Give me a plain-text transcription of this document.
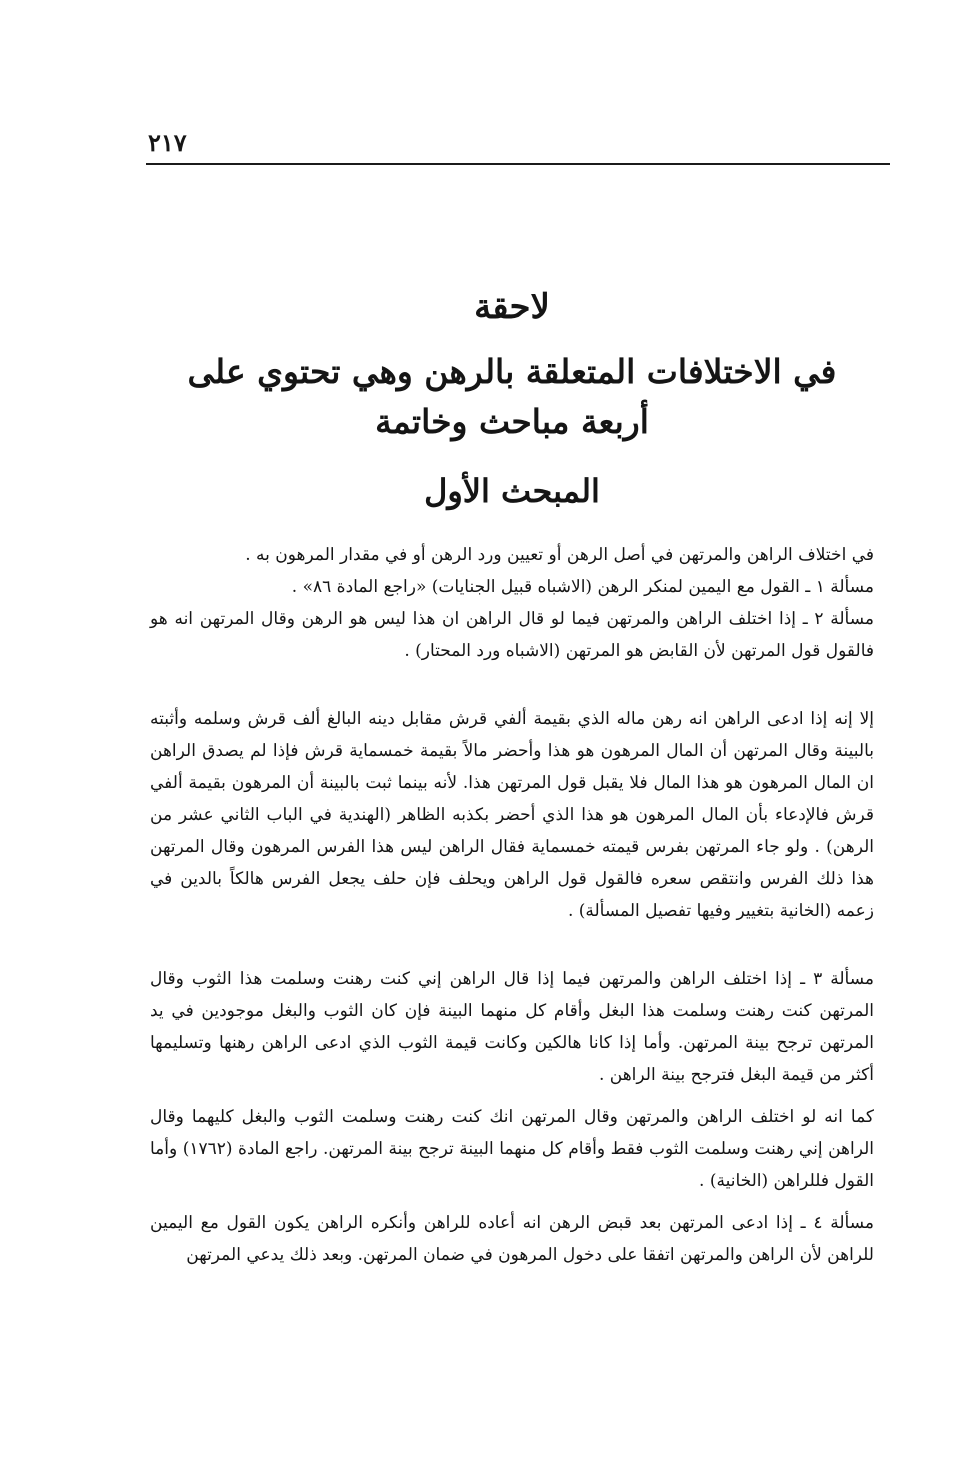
٢١٧
لاحقة
في الاختلافات المتعلقة بالرهن وهي تحتوي على أربعة مباحث وخاتمة
المبحث الأول

في اختلاف الراهن والمرتهن في أصل الرهن أو تعيين ورد الرهن أو في مقدار المرهون به .

مسألة ١ ـ القول مع اليمين لمنكر الرهن (الاشباه قبيل الجنايات) «راجع المادة ٨٦» .

مسألة ٢ ـ إذا اختلف الراهن والمرتهن فيما لو قال الراهن ان هذا ليس هو الرهن وقال المرتهن انه هو فالقول قول المرتهن لأن القابض هو المرتهن (الاشباه ورد المحتار) .

إلا إنه إذا ادعى الراهن انه رهن ماله الذي بقيمة ألفي قرش مقابل دينه البالغ ألف قرش وسلمه وأثبته بالبينة وقال المرتهن أن المال المرهون هو هذا وأحضر مالاً بقيمة خمسماية قرش فإذا لم يصدق الراهن ان المال المرهون هو هذا المال فلا يقبل قول المرتهن هذا. لأنه بينما ثبت بالبينة أن المرهون بقيمة ألفي قرش فالإدعاء بأن المال المرهون هو هذا الذي أحضر بكذبه الظاهر (الهندية في الباب الثاني عشر من الرهن) . ولو جاء المرتهن بفرس قيمته خمسماية فقال الراهن ليس هذا الفرس المرهون وقال المرتهن هذا ذلك الفرس وانتقص سعره فالقول قول الراهن ويحلف فإن حلف يجعل الفرس هالكاً بالدين في زعمه (الخانية بتغيير وفيها تفصيل المسألة) .

مسألة ٣ ـ إذا اختلف الراهن والمرتهن فيما إذا قال الراهن إني كنت رهنت وسلمت هذا الثوب وقال المرتهن كنت رهنت وسلمت هذا البغل وأقام كل منهما البينة فإن كان الثوب والبغل موجودين في يد المرتهن ترجح بينة المرتهن. وأما إذا كانا هالكين وكانت قيمة الثوب الذي ادعى الراهن رهنها وتسليمها أكثر من قيمة البغل فترجح بينة الراهن .

كما انه لو اختلف الراهن والمرتهن وقال المرتهن انك كنت رهنت وسلمت الثوب والبغل كليهما وقال الراهن إني رهنت وسلمت الثوب فقط وأقام كل منهما البينة ترجح بينة المرتهن. راجع المادة (١٧٦٢) وأما القول فللراهن (الخانية) .

مسألة ٤ ـ إذا ادعى المرتهن بعد قبض الرهن انه أعاده للراهن وأنكره الراهن يكون القول مع اليمين للراهن لأن الراهن والمرتهن اتفقا على دخول المرهون في ضمان المرتهن. وبعد ذلك يدعي المرتهن
